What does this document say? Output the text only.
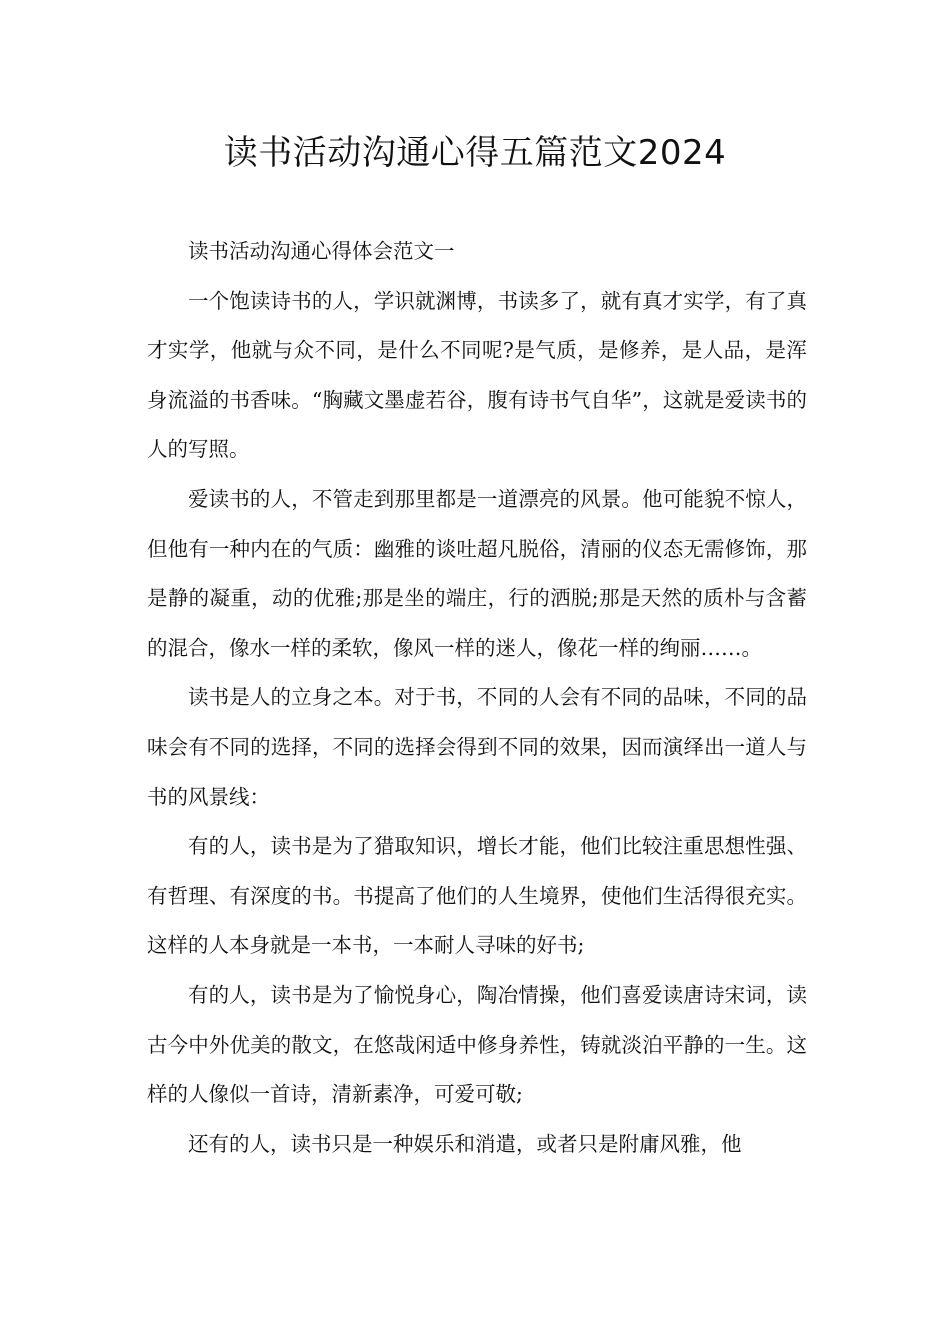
读书活动沟通心得五篇范文2024

读书活动沟通心得体会范文一

一个饱读诗书的人，学识就渊博，书读多了，就有真才实学，有了真才实学，他就与众不同，是什么不同呢?是气质，是修养，是人品，是浑身流溢的书香味。“胸藏文墨虚若谷，腹有诗书气自华”，这就是爱读书的人的写照。

爱读书的人，不管走到那里都是一道漂亮的风景。他可能貌不惊人，但他有一种内在的气质：幽雅的谈吐超凡脱俗，清丽的仪态无需修饰，那是静的凝重，动的优雅;那是坐的端庄，行的洒脱;那是天然的质朴与含蓄的混合，像水一样的柔软，像风一样的迷人，像花一样的绚丽……。

读书是人的立身之本。对于书，不同的人会有不同的品味，不同的品味会有不同的选择，不同的选择会得到不同的效果，因而演绎出一道人与书的风景线：

有的人，读书是为了猎取知识，增长才能，他们比较注重思想性强、有哲理、有深度的书。书提高了他们的人生境界，使他们生活得很充实。这样的人本身就是一本书，一本耐人寻味的好书;

有的人，读书是为了愉悦身心，陶冶情操，他们喜爱读唐诗宋词，读古今中外优美的散文，在悠哉闲适中修身养性，铸就淡泊平静的一生。这样的人像似一首诗，清新素净，可爱可敬;

还有的人，读书只是一种娱乐和消遣，或者只是附庸风雅，他
